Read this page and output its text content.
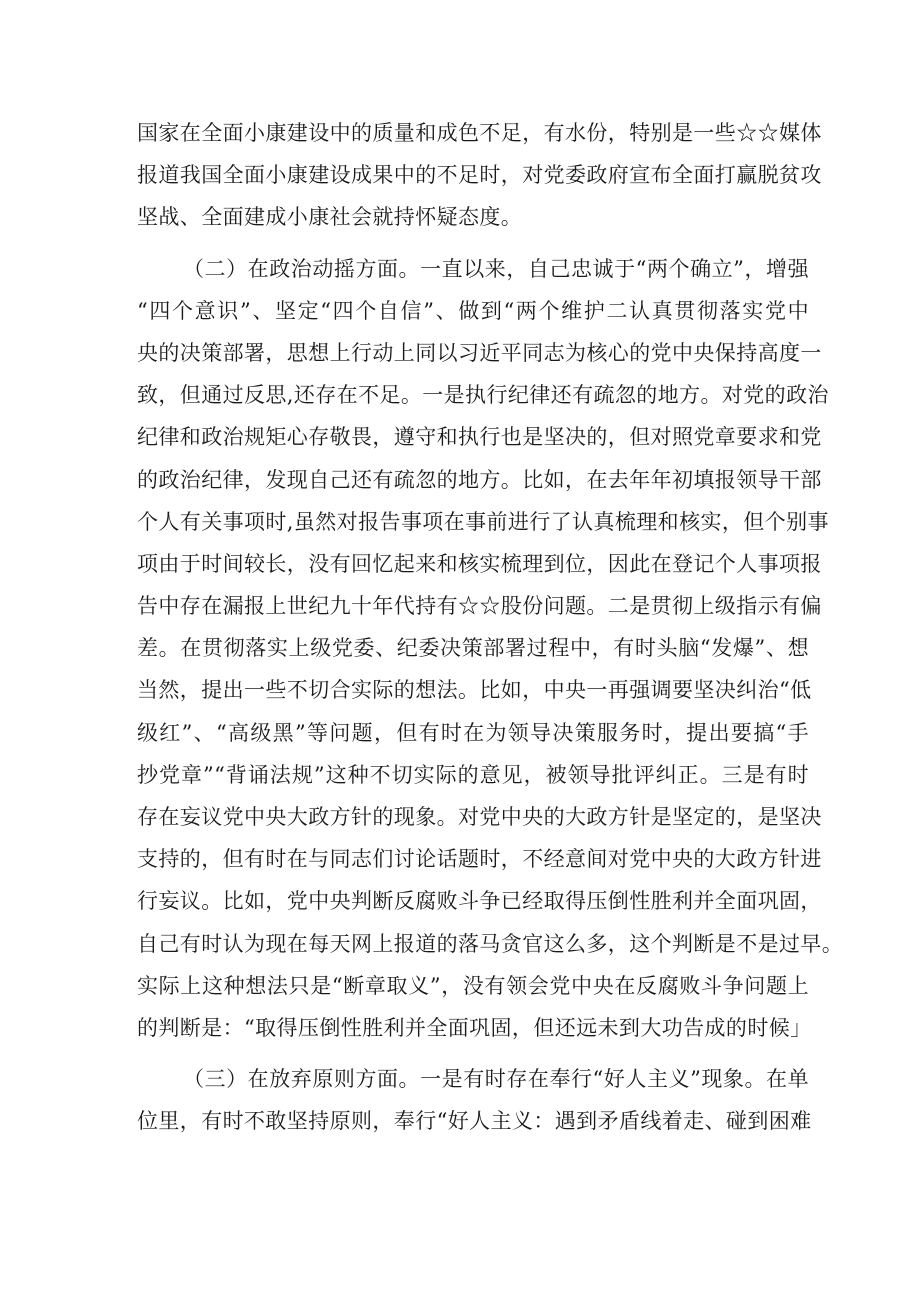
国家在全面小康建设中的质量和成色不足，有水份，特别是一些☆☆媒体
报道我国全面小康建设成果中的不足时，对党委政府宣布全面打赢脱贫攻
坚战、全面建成小康社会就持怀疑态度。
（二）在政治动摇方面。一直以来，自己忠诚于“两个确立”，增强
“四个意识”、坚定“四个自信”、做到“两个维护二认真贯彻落实党中
央的决策部署，思想上行动上同以习近平同志为核心的党中央保持高度一
致，但通过反思,还存在不足。一是执行纪律还有疏忽的地方。对党的政治
纪律和政治规矩心存敬畏，遵守和执行也是坚决的，但对照党章要求和党
的政治纪律，发现自己还有疏忽的地方。比如，在去年年初填报领导干部
个人有关事项时,虽然对报告事项在事前进行了认真梳理和核实，但个别事
项由于时间较长，没有回忆起来和核实梳理到位，因此在登记个人事项报
告中存在漏报上世纪九十年代持有☆☆股份问题。二是贯彻上级指示有偏
差。在贯彻落实上级党委、纪委决策部署过程中，有时头脑“发爆”、想
当然，提出一些不切合实际的想法。比如，中央一再强调要坚决纠治“低
级红”、“高级黑”等问题，但有时在为领导决策服务时，提出要搞“手
抄党章”“背诵法规”这种不切实际的意见，被领导批评纠正。三是有时
存在妄议党中央大政方针的现象。对党中央的大政方针是坚定的，是坚决
支持的，但有时在与同志们讨论话题时，不经意间对党中央的大政方针进
行妄议。比如，党中央判断反腐败斗争已经取得压倒性胜利并全面巩固，
自己有时认为现在每天网上报道的落马贪官这么多，这个判断是不是过早。
实际上这种想法只是“断章取义”，没有领会党中央在反腐败斗争问题上
的判断是：“取得压倒性胜利并全面巩固，但还远未到大功告成的时候」
（三）在放弃原则方面。一是有时存在奉行“好人主义”现象。在单
位里，有时不敢坚持原则，奉行“好人主义：遇到矛盾线着走、碰到困难
